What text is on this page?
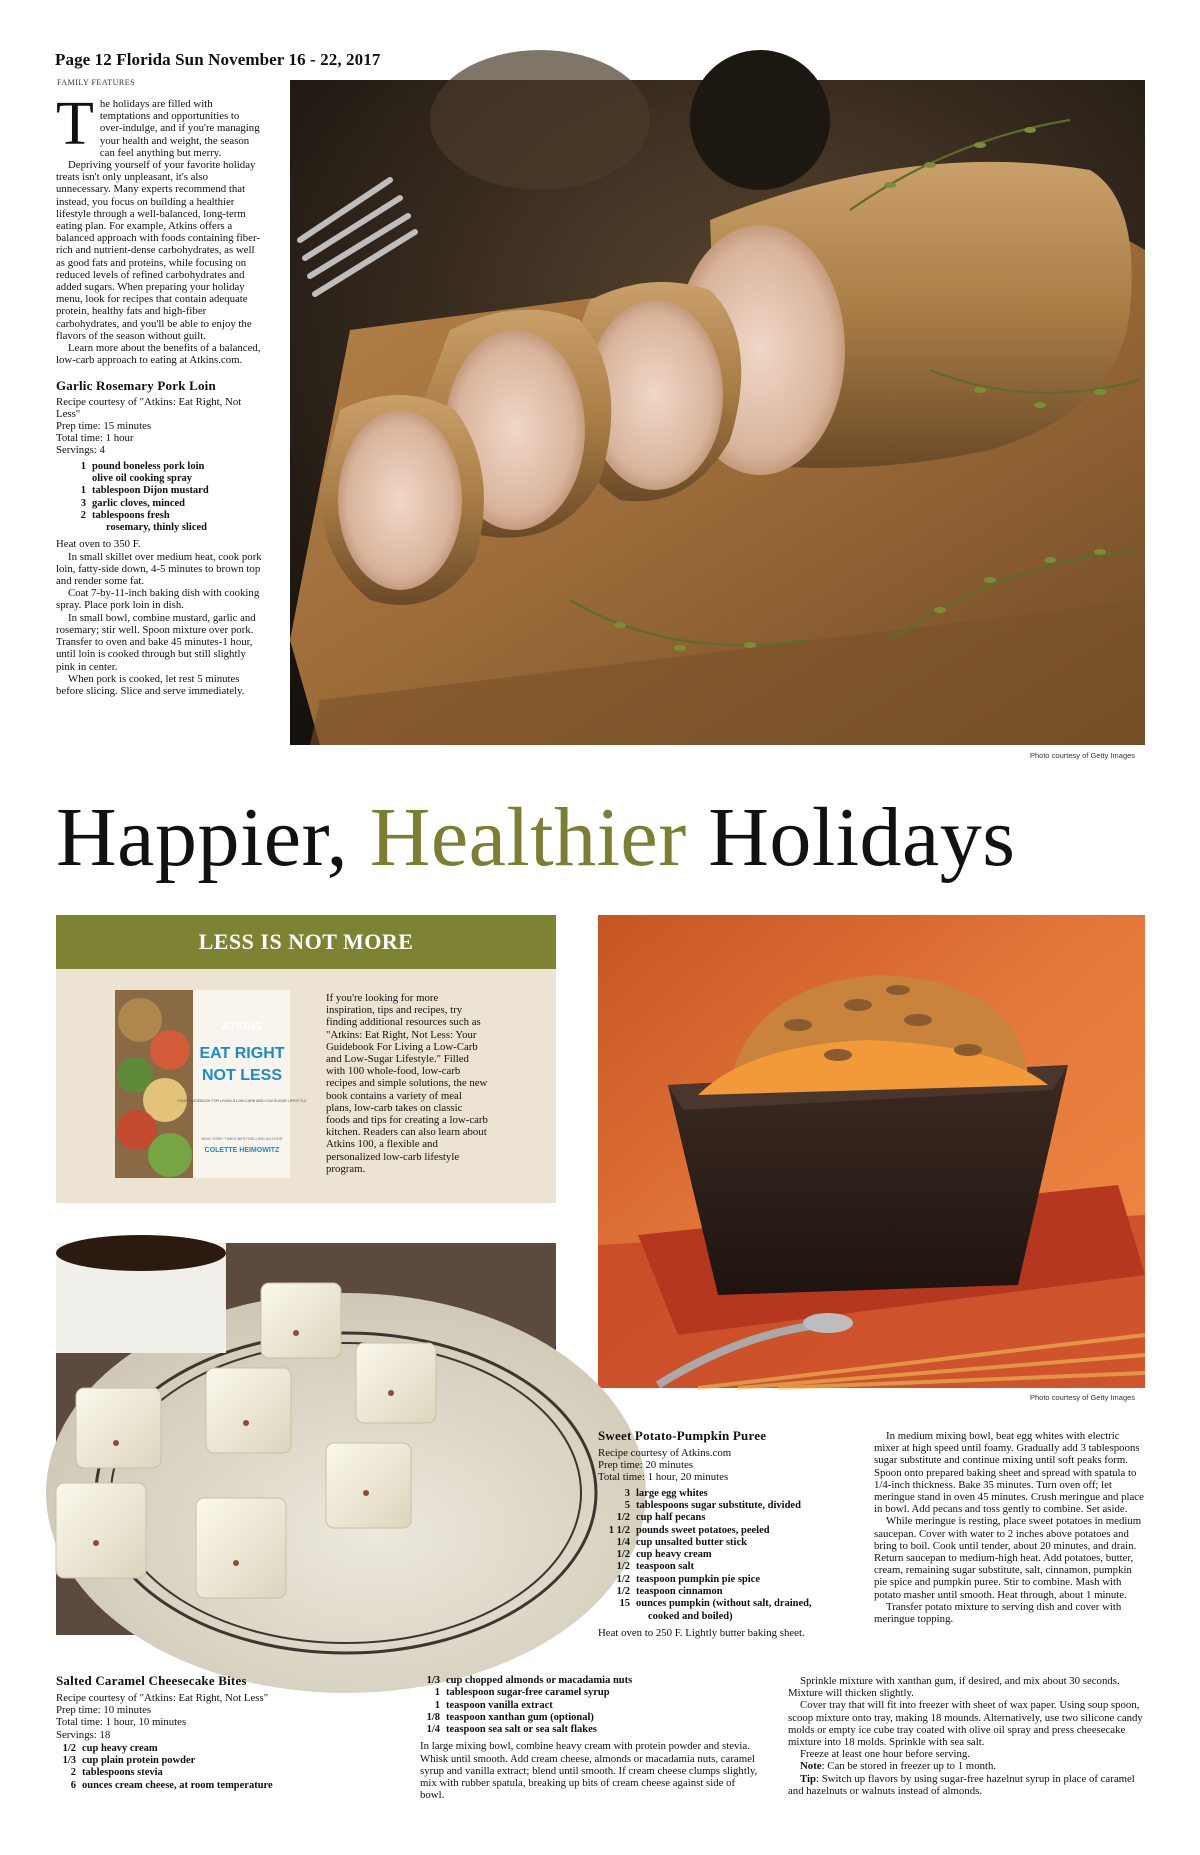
Page 12 Florida Sun November 16 - 22, 2017
FAMILY FEATURES

The holidays are filled with temptations and opportunities to over-indulge, and if you're managing your health and weight, the season can feel anything but merry.

Depriving yourself of your favorite holiday treats isn't only unpleasant, it's also unnecessary. Many experts recommend that instead, you focus on building a healthier lifestyle through a well-balanced, long-term eating plan. For example, Atkins offers a balanced approach with foods containing fiber-rich and nutrient-dense carbohydrates, as well as good fats and proteins, while focusing on reduced levels of refined carbohydrates and added sugars. When preparing your holiday menu, look for recipes that contain adequate protein, healthy fats and high-fiber carbohydrates, and you'll be able to enjoy the flavors of the season without guilt.

Learn more about the benefits of a balanced, low-carb approach to eating at Atkins.com.

Garlic Rosemary Pork Loin
Recipe courtesy of "Atkins: Eat Right, Not Less"
Prep time: 15 minutes
Total time: 1 hour
Servings: 4
1 pound boneless pork loin
olive oil cooking spray
1 tablespoon Dijon mustard
3 garlic cloves, minced
2 tablespoons fresh
rosemary, thinly sliced

Heat oven to 350 F.

In small skillet over medium heat, cook pork loin, fatty-side down, 4-5 minutes to brown top and render some fat.

Coat 7-by-11-inch baking dish with cooking spray. Place pork loin in dish.

In small bowl, combine mustard, garlic and rosemary; stir well. Spoon mixture over pork. Transfer to oven and bake 45 minutes-1 hour, until loin is cooked through but still slightly pink in center.

When pork is cooked, let rest 5 minutes before slicing. Slice and serve immediately.

Photo courtesy of Getty Images
Happier, Healthier Holidays
LESS IS NOT MORE
ATKINS
EAT RIGHT
NOT LESS
YOUR GUIDEBOOK FOR LIVING A LOW-CARB AND LOW-SUGAR LIFESTYLE
NEW YORK TIMES BESTSELLING AUTHOR
COLETTE HEIMOWITZ
If you're looking for more inspiration, tips and recipes, try finding additional resources such as "Atkins: Eat Right, Not Less: Your Guidebook For Living a Low-Carb and Low-Sugar Lifestyle." Filled with 100 whole-food, low-carb recipes and simple solutions, the new book contains a variety of meal plans, low-carb takes on classic foods and tips for creating a low-carb kitchen. Readers can also learn about Atkins 100, a flexible and personalized low-carb lifestyle program.
Photo courtesy of Getty Images
Sweet Potato-Pumpkin Puree
Recipe courtesy of Atkins.com
Prep time: 20 minutes
Total time: 1 hour, 20 minutes
3 large egg whites
5 tablespoons sugar substitute, divided
1/2 cup half pecans
1 1/2 pounds sweet potatoes, peeled
1/4 cup unsalted butter stick
1/2 cup heavy cream
1/2 teaspoon salt
1/2 teaspoon pumpkin pie spice
1/2 teaspoon cinnamon
15 ounces pumpkin (without salt, drained,
cooked and boiled)

Heat oven to 250 F. Lightly butter baking sheet.

In medium mixing bowl, beat egg whites with electric mixer at high speed until foamy. Gradually add 3 tablespoons sugar substitute and continue mixing until soft peaks form. Spoon onto prepared baking sheet and spread with spatula to 1/4-inch thickness. Bake 35 minutes. Turn oven off; let meringue stand in oven 45 minutes. Crush meringue and place in bowl. Add pecans and toss gently to combine. Set aside.

While meringue is resting, place sweet potatoes in medium saucepan. Cover with water to 2 inches above potatoes and bring to boil. Cook until tender, about 20 minutes, and drain. Return saucepan to medium-high heat. Add potatoes, butter, cream, remaining sugar substitute, salt, cinnamon, pumpkin pie spice and pumpkin puree. Stir to combine. Mash with potato masher until smooth. Heat through, about 1 minute.

Transfer potato mixture to serving dish and cover with meringue topping.

Salted Caramel Cheesecake Bites
Recipe courtesy of "Atkins: Eat Right, Not Less"
Prep time: 10 minutes
Total time: 1 hour, 10 minutes
Servings: 18
1/2 cup heavy cream
1/3 cup plain protein powder
2 tablespoons stevia
6 ounces cream cheese, at room temperature
1/3 cup chopped almonds or macadamia nuts
1 tablespoon sugar-free caramel syrup
1 teaspoon vanilla extract
1/8 teaspoon xanthan gum (optional)
1/4 teaspoon sea salt or sea salt flakes

In large mixing bowl, combine heavy cream with protein powder and stevia. Whisk until smooth. Add cream cheese, almonds or macadamia nuts, caramel syrup and vanilla extract; blend until smooth. If cream cheese clumps slightly, mix with rubber spatula, breaking up bits of cream cheese against side of bowl.

Sprinkle mixture with xanthan gum, if desired, and mix about 30 seconds. Mixture will thicken slightly.

Cover tray that will fit into freezer with sheet of wax paper. Using soup spoon, scoop mixture onto tray, making 18 mounds. Alternatively, use two silicone candy molds or empty ice cube tray coated with olive oil spray and press cheesecake mixture into 18 molds. Sprinkle with sea salt.

Freeze at least one hour before serving.

Note: Can be stored in freezer up to 1 month.

Tip: Switch up flavors by using sugar-free hazelnut syrup in place of caramel and hazelnuts or walnuts instead of almonds.
